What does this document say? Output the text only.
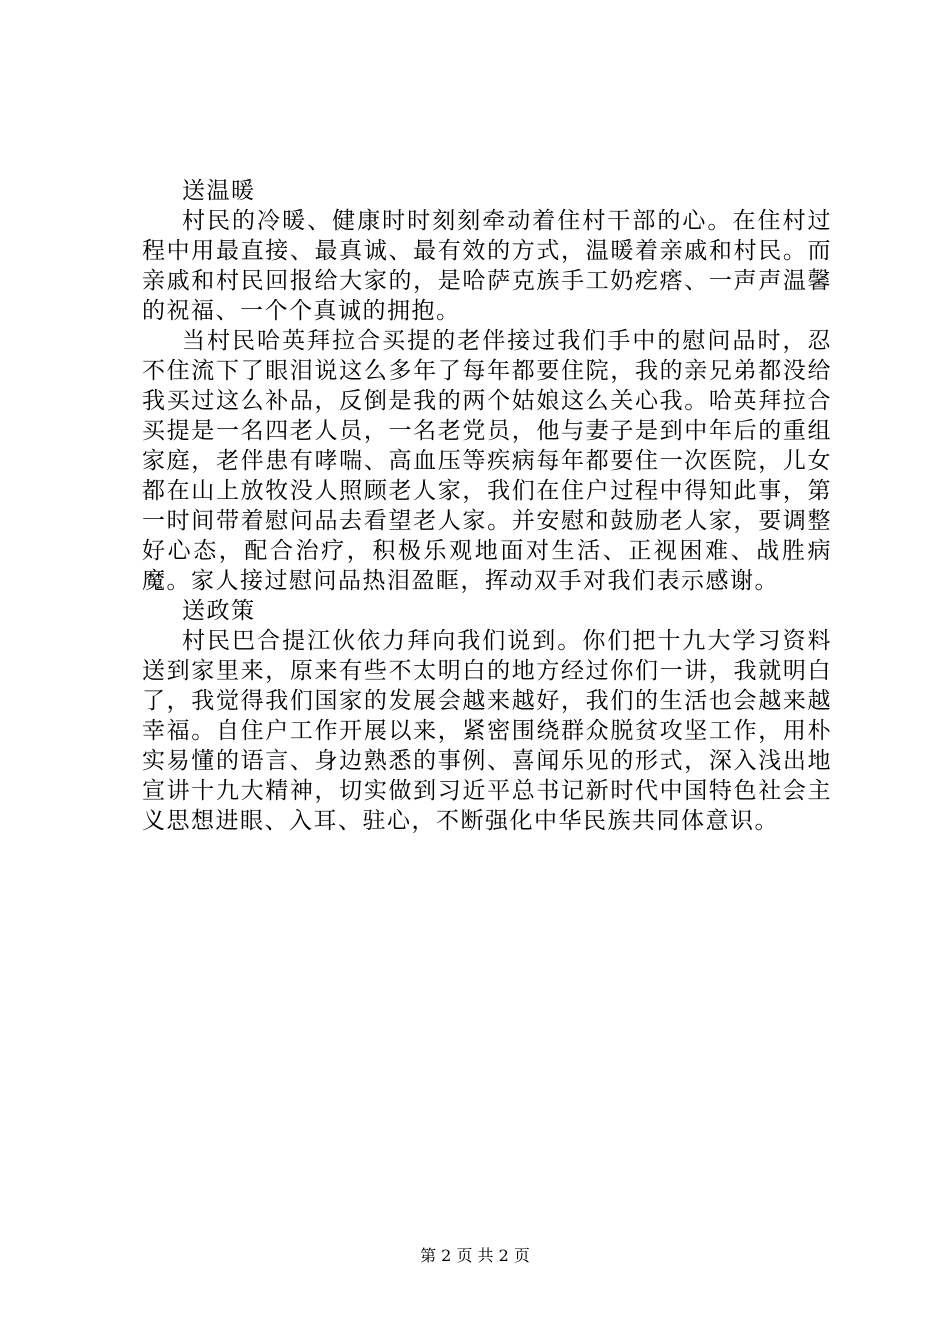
送温暖

村民的冷暖、健康时时刻刻牵动着住村干部的心。在住村过程中用最直接、最真诚、最有效的方式，温暖着亲戚和村民。而亲戚和村民回报给大家的，是哈萨克族手工奶疙瘩、一声声温馨的祝福、一个个真诚的拥抱。

当村民哈英拜拉合买提的老伴接过我们手中的慰问品时，忍不住流下了眼泪说这么多年了每年都要住院，我的亲兄弟都没给我买过这么补品，反倒是我的两个姑娘这么关心我。哈英拜拉合买提是一名四老人员，一名老党员，他与妻子是到中年后的重组家庭，老伴患有哮喘、高血压等疾病每年都要住一次医院，儿女都在山上放牧没人照顾老人家，我们在住户过程中得知此事，第一时间带着慰问品去看望老人家。并安慰和鼓励老人家，要调整好心态，配合治疗，积极乐观地面对生活、正视困难、战胜病魔。家人接过慰问品热泪盈眶，挥动双手对我们表示感谢。

送政策

村民巴合提江伙依力拜向我们说到。你们把十九大学习资料送到家里来，原来有些不太明白的地方经过你们一讲，我就明白了，我觉得我们国家的发展会越来越好，我们的生活也会越来越幸福。自住户工作开展以来，紧密围绕群众脱贫攻坚工作，用朴实易懂的语言、身边熟悉的事例、喜闻乐见的形式，深入浅出地宣讲十九大精神，切实做到习近平总书记新时代中国特色社会主义思想进眼、入耳、驻心，不断强化中华民族共同体意识。

第 2 页 共 2 页
